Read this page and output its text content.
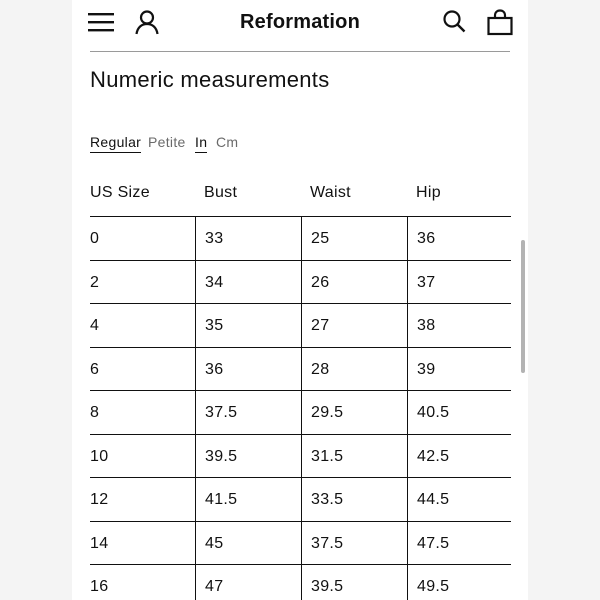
Reformation
Numeric measurements
Regular Petite In Cm
US Size	Bust	Waist	Hip
0	33	25	36
2	34	26	37
4	35	27	38
6	36	28	39
8	37.5	29.5	40.5
10	39.5	31.5	42.5
12	41.5	33.5	44.5
14	45	37.5	47.5
16	47	39.5	49.5
